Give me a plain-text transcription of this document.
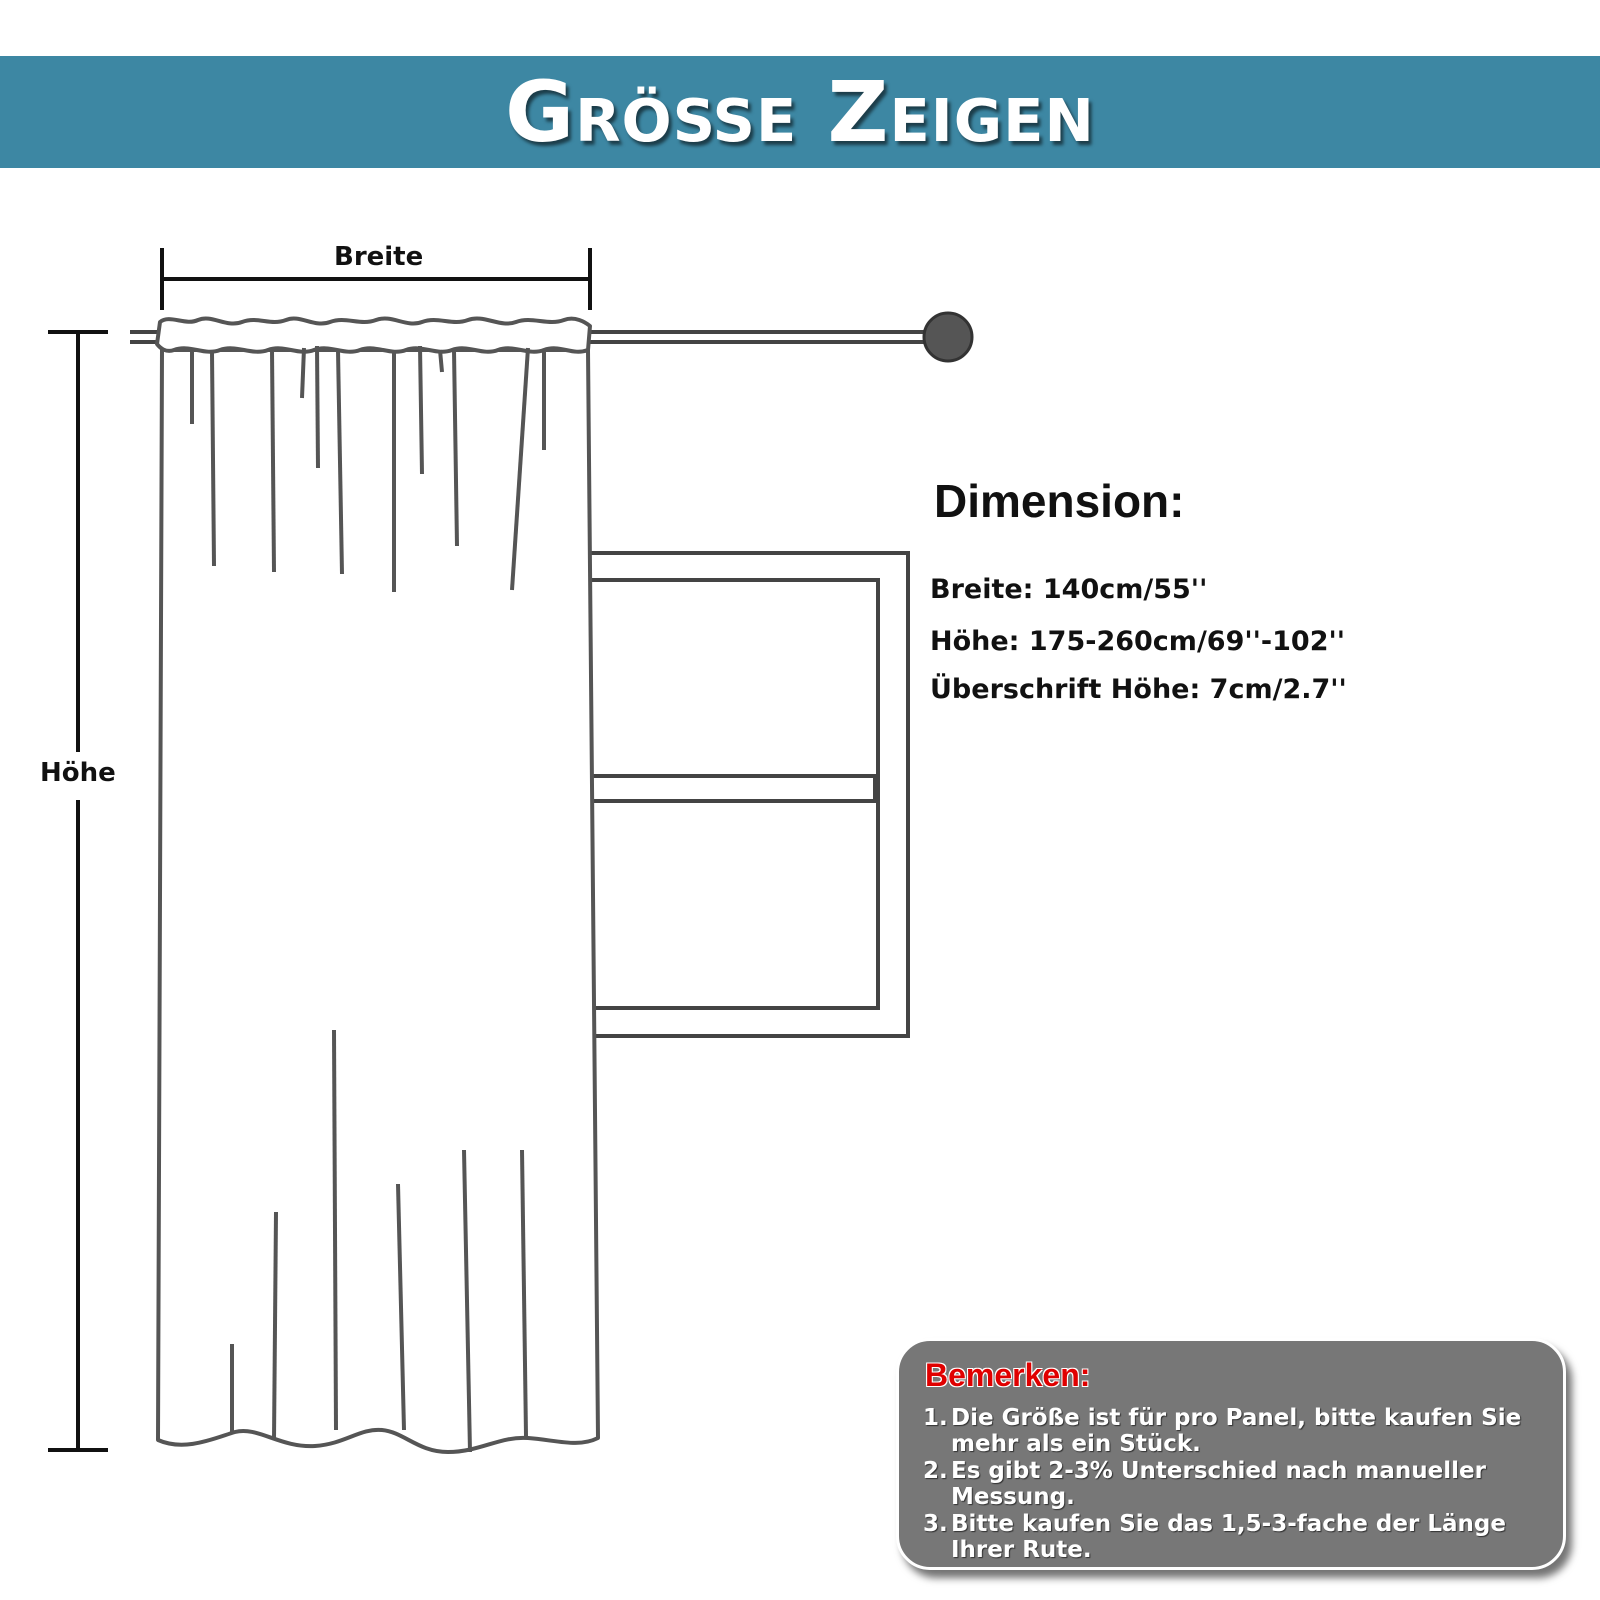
Größe Zeigen
Breite
Höhe
Dimension:
Breite: 140cm/55''
Höhe: 175-260cm/69''-102''
Überschrift Höhe: 7cm/2.7''
Bemerken:
1. Die Größe ist für pro Panel, bitte kaufen Sie mehr als ein Stück.
2. Es gibt 2-3% Unterschied nach manueller Messung.
3. Bitte kaufen Sie das 1,5-3-fache der Länge Ihrer Rute.
